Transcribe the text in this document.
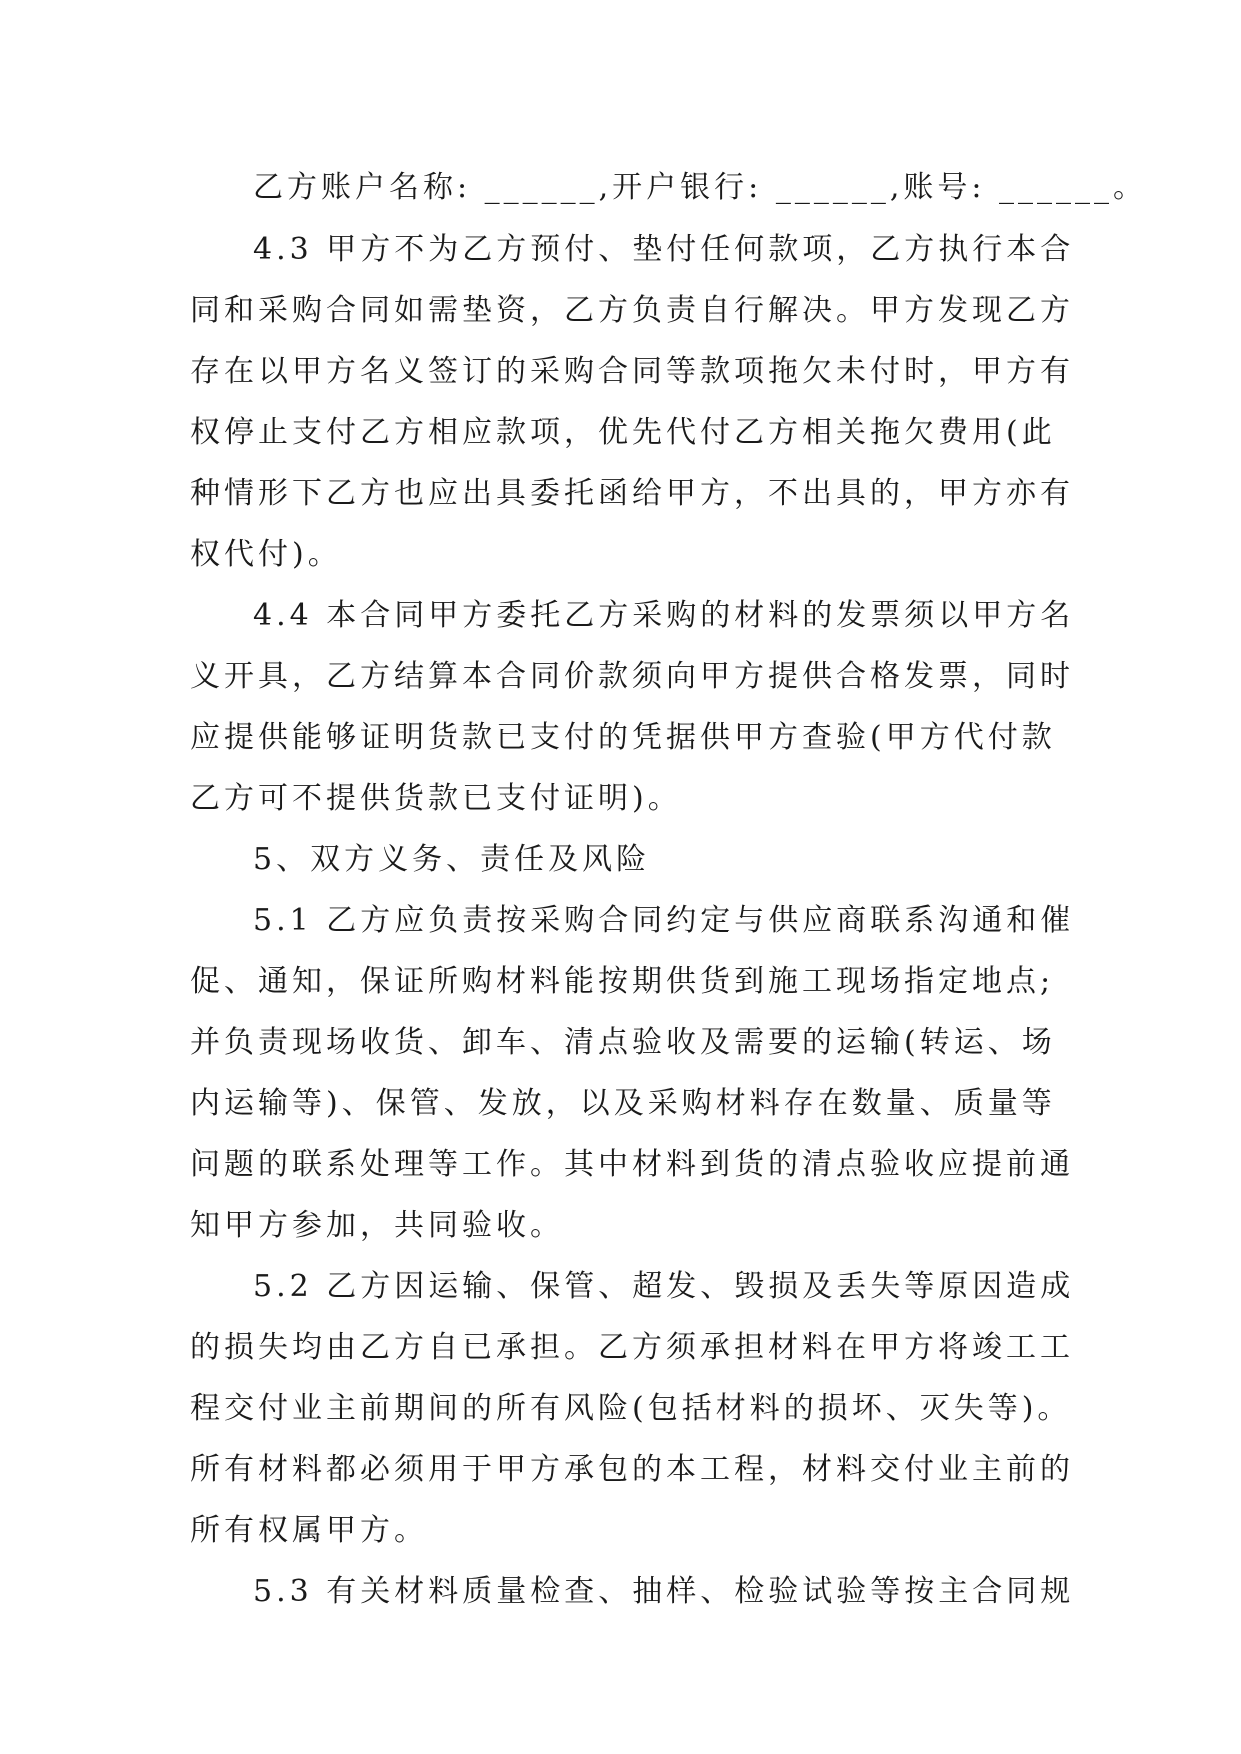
乙方账户名称: ______,开户银行: ______,账号: ______。
4.3 甲方不为乙方预付、垫付任何款项，乙方执行本合
同和采购合同如需垫资，乙方负责自行解决。甲方发现乙方
存在以甲方名义签订的采购合同等款项拖欠未付时，甲方有
权停止支付乙方相应款项，优先代付乙方相关拖欠费用(此
种情形下乙方也应出具委托函给甲方，不出具的，甲方亦有
权代付)。
4.4 本合同甲方委托乙方采购的材料的发票须以甲方名
义开具，乙方结算本合同价款须向甲方提供合格发票，同时
应提供能够证明货款已支付的凭据供甲方查验(甲方代付款
乙方可不提供货款已支付证明)。
5、双方义务、责任及风险
5.1 乙方应负责按采购合同约定与供应商联系沟通和催
促、通知，保证所购材料能按期供货到施工现场指定地点;
并负责现场收货、卸车、清点验收及需要的运输(转运、场
内运输等)、保管、发放，以及采购材料存在数量、质量等
问题的联系处理等工作。其中材料到货的清点验收应提前通
知甲方参加，共同验收。
5.2 乙方因运输、保管、超发、毁损及丢失等原因造成
的损失均由乙方自已承担。乙方须承担材料在甲方将竣工工
程交付业主前期间的所有风险(包括材料的损坏、灭失等)。
所有材料都必须用于甲方承包的本工程，材料交付业主前的
所有权属甲方。
5.3 有关材料质量检查、抽样、检验试验等按主合同规
